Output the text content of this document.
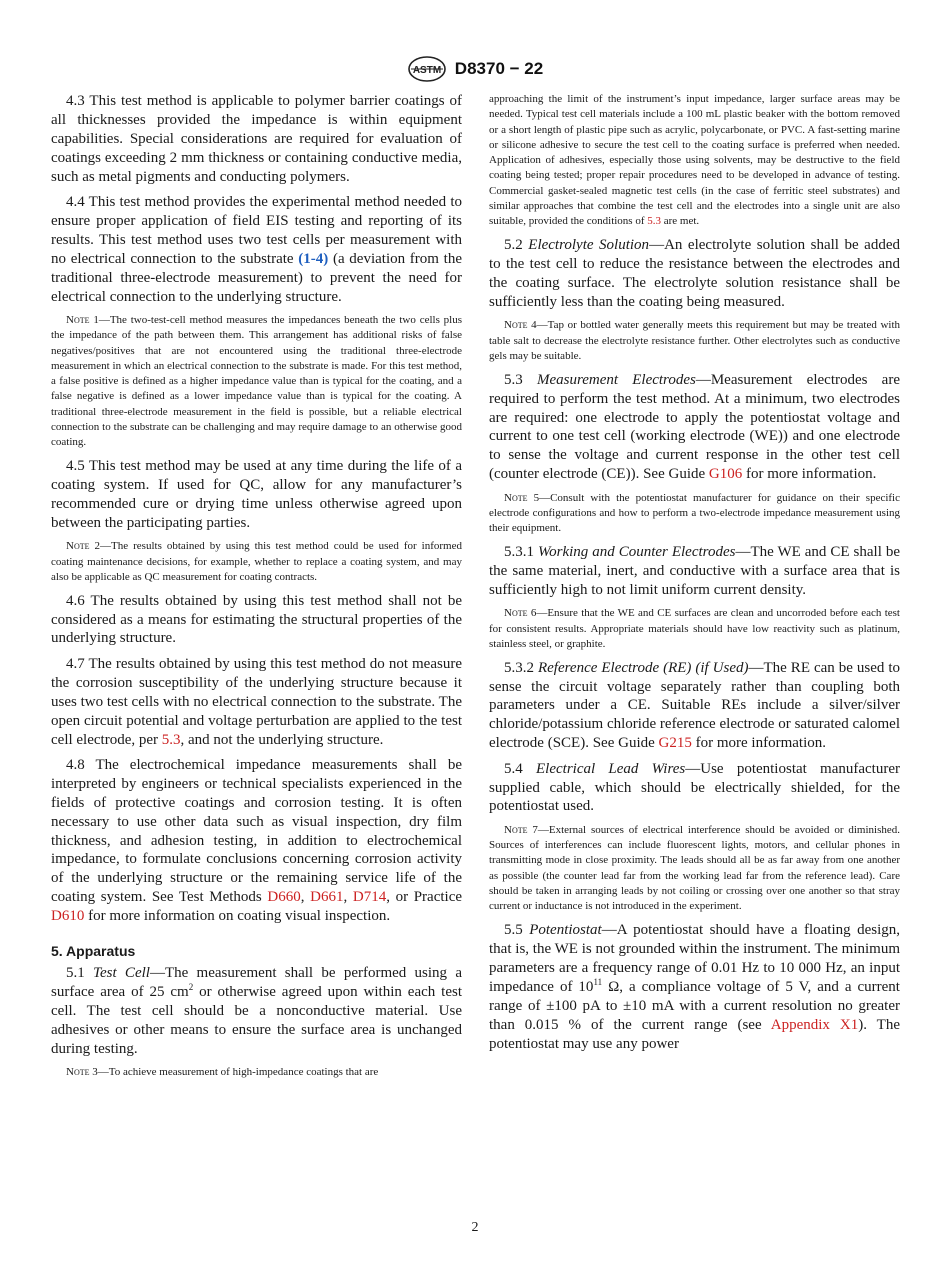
ASTM D8370 − 22

4.3 This test method is applicable to polymer barrier coatings of all thicknesses provided the impedance is within equipment capabilities. Special considerations are required for evaluation of coatings exceeding 2 mm thickness or containing conductive media, such as metal pigments and conducting polymers.

4.4 This test method provides the experimental method needed to ensure proper application of field EIS testing and reporting of its results. This test method uses two test cells per measurement with no electrical connection to the substrate (1-4) (a deviation from the traditional three-electrode measurement) to prevent the need for electrical connection to the underlying structure.

Note 1—The two-test-cell method measures the impedances beneath the two cells plus the impedance of the path between them. This arrangement has additional risks of false negatives/positives that are not encountered using the traditional three-electrode measurement in which an electrical connection to the substrate is made. For this test method, a false positive is defined as a higher impedance value than is typical for the coating, and a false negative is defined as a lower impedance value than is typical for the coating. A traditional three-electrode measurement in the field is possible, but a reliable electrical connection to the substrate can be challenging and may require damage to an otherwise good coating.

4.5 This test method may be used at any time during the life of a coating system. If used for QC, allow for any manufacturer’s recommended cure or drying time unless otherwise agreed upon between the participating parties.

Note 2—The results obtained by using this test method could be used for informed coating maintenance decisions, for example, whether to replace a coating system, and may also be applicable as QC measurement for coating contracts.

4.6 The results obtained by using this test method shall not be considered as a means for estimating the structural properties of the underlying structure.

4.7 The results obtained by using this test method do not measure the corrosion susceptibility of the underlying structure because it uses two test cells with no electrical connection to the substrate. The open circuit potential and voltage perturbation are applied to the test cell electrode, per 5.3, and not the underlying structure.

4.8 The electrochemical impedance measurements shall be interpreted by engineers or technical specialists experienced in the fields of protective coatings and corrosion testing. It is often necessary to use other data such as visual inspection, dry film thickness, and adhesion testing, in addition to electrochemical impedance, to formulate conclusions concerning corrosion activity of the underlying structure or the remaining service life of the coating system. See Test Methods D660, D661, D714, or Practice D610 for more information on coating visual inspection.

5. Apparatus

5.1 Test Cell—The measurement shall be performed using a surface area of 25 $cm^2$ or otherwise agreed upon within each test cell. The test cell should be a nonconductive material. Use adhesives or other means to ensure the surface area is unchanged during testing.

Note 3—To achieve measurement of high-impedance coatings that are

approaching the limit of the instrument’s input impedance, larger surface areas may be needed. Typical test cell materials include a 100 mL plastic beaker with the bottom removed or a short length of plastic pipe such as acrylic, polycarbonate, or PVC. A fast-setting marine or silicone adhesive to secure the test cell to the coating surface is preferred when needed. Application of adhesives, especially those using solvents, may be destructive to the field coating being tested; proper repair procedures need to be developed in advance of testing. Commercial gasket-sealed magnetic test cells (in the case of ferritic steel substrates) and similar approaches that combine the test cell and the electrodes into a single unit are also suitable, provided the conditions of 5.3 are met.

5.2 Electrolyte Solution—An electrolyte solution shall be added to the test cell to reduce the resistance between the electrodes and the coating surface. The electrolyte solution resistance shall be sufficiently less than the coating being measured.

Note 4—Tap or bottled water generally meets this requirement but may be treated with table salt to decrease the electrolyte resistance further. Other electrolytes such as conductive gels may be suitable.

5.3 Measurement Electrodes—Measurement electrodes are required to perform the test method. At a minimum, two electrodes are required: one electrode to apply the potentiostat voltage and current to one test cell (working electrode (WE)) and one electrode to sense the voltage and current response in the other test cell (counter electrode (CE)). See Guide G106 for more information.

Note 5—Consult with the potentiostat manufacturer for guidance on their specific electrode configurations and how to perform a two-electrode impedance measurement using their equipment.

5.3.1 Working and Counter Electrodes—The WE and CE shall be the same material, inert, and conductive with a surface area that is sufficiently high to not limit uniform current density.

Note 6—Ensure that the WE and CE surfaces are clean and uncorroded before each test for consistent results. Appropriate materials should have low reactivity such as platinum, stainless steel, or graphite.

5.3.2 Reference Electrode (RE) (if Used)—The RE can be used to sense the circuit voltage separately rather than coupling both parameters under a CE. Suitable REs include a silver/silver chloride/potassium chloride reference electrode or saturated calomel electrode (SCE). See Guide G215 for more information.

5.4 Electrical Lead Wires—Use potentiostat manufacturer supplied cable, which should be electrically shielded, for the potentiostat used.

Note 7—External sources of electrical interference should be avoided or diminished. Sources of interferences can include fluorescent lights, motors, and cellular phones in transmitting mode in close proximity. The leads should all be as far away from one another as possible (the counter lead far from the working lead far from the reference lead). Care should be taken in arranging leads by not coiling or crossing over one another so that stray current or inductance is not introduced in the experiment.

5.5 Potentiostat—A potentiostat should have a floating design, that is, the WE is not grounded within the instrument. The minimum parameters are a frequency range of 0.01 Hz to 10 000 Hz, an input impedance of $10^{11}$ Ω, a compliance voltage of 5 V, and a current range of ±100 pA to ±10 mA with a current resolution no greater than 0.015 % of the current range (see Appendix X1). The potentiostat may use any power

2
